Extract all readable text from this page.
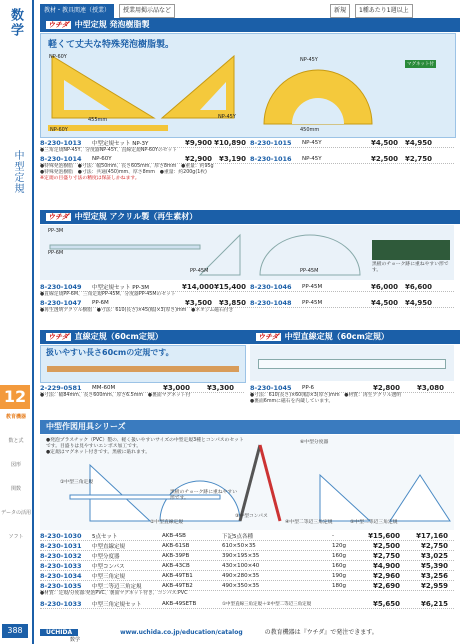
数学
中型定規
12
教育機器
数と式
図形
関数
データの活用
ソフト
教材・教具関連（授業） 授業用掲示品など	新規 1種あたり1週以上
ウチダ 中型定規 発泡樹脂製
軽くて丈夫な特殊発泡樹脂製。
NP-60Y
NP-45Y
455mm
NP-60Y	450mm
NP-45Y
マグネット付
8-230-1013	中型定規セット NP-3Y	¥9,900 ¥10,890 8-230-1015	NP-45Y	¥4,500 ¥4,950
●三角定規NP-45Y、分度器NP-45Y、直線定規NP-60Yのセット
8-230-1014	NP-60Y	¥2,900 ¥3,190 8-230-1016	NP-45Y	¥2,500 ¥2,750
●特殊発泡樹脂　●寸法：幅50mm、長さ605mm、厚さ8mm　●重量：約95g
●特殊発泡樹脂　●寸法：共通(450)mm、厚さ8mm　●重量：約200g(1枚)
※定規の目盛り寸法の精度は保証しかねます。
ウチダ 中型定規 アクリル製（再生素材）
PP-3M
PP-6M
PP-45M	PP-45M
黒板のチョーク跡に重ねやすい形です。
8-230-1049	中型定規セット PP-3M	¥14,000 ¥15,400 8-230-1046	PP-45M	¥6,000 ¥6,600
●直線定規PP-6M、三角定規PP-45M、分度器PP-45Mのセット
8-230-1047	PP-6M	¥3,500 ¥3,850 8-230-1048	PP-45M	¥4,500 ¥4,950
●再生透明アクリル樹脂　●寸法：610(長さ)×45(幅)×3(厚さ)mm　●ネオジム磁石付き
ウチダ 直線定規（60cm定規）	ウチダ 中型直線定規（60cm定規）
扱いやすい長さ60cmの定規です。
2-229-0581	MM-60M	¥3,000	¥3,300
●寸法：幅84mm、長さ600mm、厚さ6.5mm　●裏面マグネット付
8-230-1045	PP-6	¥2,800	¥3,080
●寸法：610(長さ)×60(幅)×3(厚さ)mm　●材質：再生アクリル透明
●裏面6mmに磁石を内蔵しています。
中型作図用具シリーズ
●発泡プラスチック（PVC）製の、軽く扱いやすいサイズの中型定規3種とコンパスのセットです。目盛りは見やすいエンボス加工です。
●定規はマグネット付きです。黒板に貼れます。
①中型三角定規
②中型直線定規
③中型コンパス
④中型二等辺三角定規	⑤中型二等辺三角定規
⑥中型分度器
黒板のチョーク跡に重ねやすい形です。
8-230-1030	5点セット	AKB-4SB	下記5点各種	-	¥15,600	¥17,160
8-230-1031	中型直線定規	AKB-61SB	610×50×35	120g	¥2,500	¥2,750
8-230-1032	中型分度器	AKB-39PB	390×195×35	160g	¥2,750	¥3,025
8-230-1033	中型コンパス	AKB-43CB	430×100×40	160g	¥4,900	¥5,390
8-230-1034	中型三角定規	AKB-49TB1	490×280×35	190g	¥2,960	¥3,256
8-230-1035	中型二等辺三角定規	AKB-49TB2	490×350×35	180g	¥2,690	¥2,959
●材質：定規/分度器:発泡PVC、裏面マグネット付き、コンパス:PVC
8-230-1033	中型三角定規セット	AKB-49SETB	①中型直線三角定規＋②中型二等辺三角定規	¥5,650	¥6,215
388	UCHIDA	www.uchida.co.jp/education/catalog	の教育機器は『ウチダ』で発注できます。
数学
